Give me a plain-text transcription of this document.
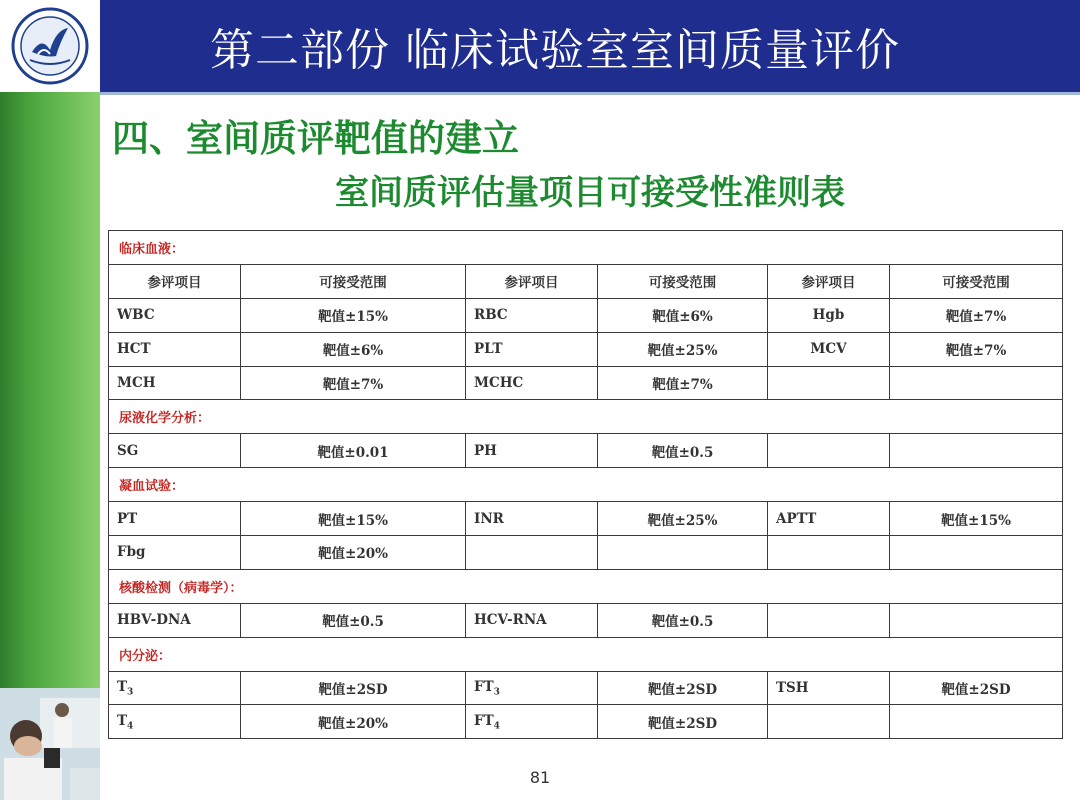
第二部份 临床试验室室间质量评价
四、室间质评靶值的建立
室间质评估量项目可接受性准则表
临床血液：					
参评项目	可接受范围	参评项目	可接受范围	参评项目	可接受范围
WBC	靶值±15%	RBC	靶值±6%	Hgb	靶值±7%
HCT	靶值±6%	PLT	靶值±25%	MCV	靶值±7%
MCH	靶值±7%	MCHC	靶值±7%		
尿液化学分析：					
SG	靶值±0.01	PH	靶值±0.5		
凝血试验：					
PT	靶值±15%	INR	靶值±25%	APTT	靶值±15%
Fbg	靶值±20%				
核酸检测（病毒学）：					
HBV-DNA	靶值±0.5	HCV-RNA	靶值±0.5		
内分泌：					
$T_3$	靶值±2SD	$FT_3$	靶值±2SD	TSH	靶值±2SD
$T_4$	靶值±20%	$FT_4$	靶值±2SD		
81
